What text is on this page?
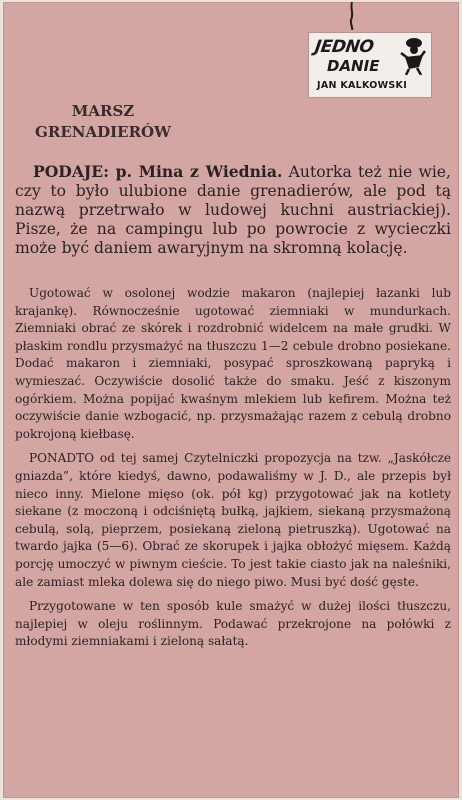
JEDNO
DANIE
JAN KALKOWSKI
MARSZ
GRENADIERÓW
PODAJE: p. Mina z Wiednia. Autorka też nie wie, czy to było ulubione danie grenadierów, ale pod tą nazwą przetrwało w ludowej kuchni austriackiej). Pisze, że na campingu lub po powrocie z wycieczki może być daniem awaryjnym na skromną kolację.

Ugotować w osolonej wodzie makaron (najlepiej łazanki lub krajankę). Równocześnie ugotować ziemniaki w mundurkach. Ziemniaki obrać ze skórek i rozdrobnić widelcem na małe grudki. W płaskim rondlu przysmażyć na tłuszczu 1—2 cebule drobno posiekane. Dodać makaron i ziemniaki, posypać sproszkowaną papryką i wymieszać. Oczywiście dosolić także do smaku. Jeść z kiszonym ogórkiem. Można popijać kwaśnym mlekiem lub kefirem. Można też oczywiście danie wzbogacić, np. przysmażając razem z cebulą drobno pokrojoną kiełbasę.

PONADTO od tej samej Czytelniczki propozycja na tzw. „Jaskółcze gniazda”, które kiedyś, dawno, podawaliśmy w J. D., ale przepis był nieco inny. Mielone mięso (ok. pół kg) przygotować jak na kotlety siekane (z moczoną i odciśniętą bułką, jajkiem, siekaną przysmażoną cebulą, solą, pieprzem, posiekaną zieloną pietruszką). Ugotować na twardo jajka (5—6). Obrać ze skorupek i jajka obłożyć mięsem. Każdą porcję umoczyć w piwnym cieście. To jest takie ciasto jak na naleśniki, ale zamiast mleka dolewa się do niego piwo. Musi być dość gęste.

Przygotowane w ten sposób kule smażyć w dużej ilości tłuszczu, najlepiej w oleju roślinnym. Podawać przekrojone na połówki z młodymi ziemniakami i zieloną sałatą.
